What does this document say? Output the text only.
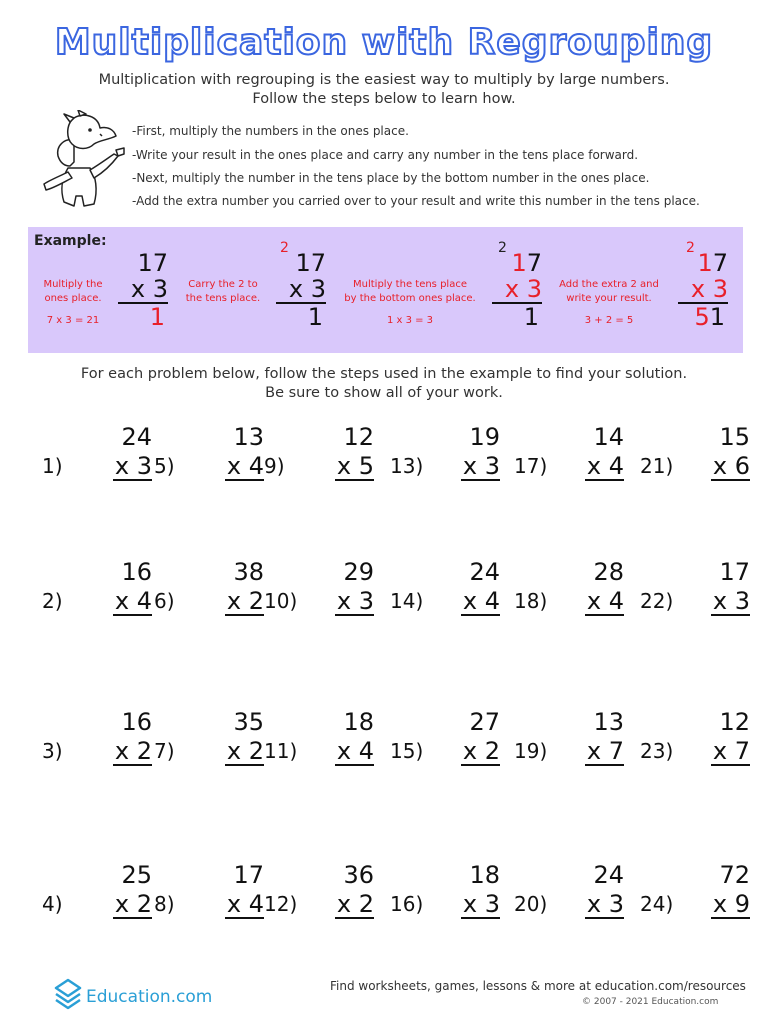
Multiplication with Regrouping
Multiplication with regrouping is the easiest way to multiply by large numbers.
Follow the steps below to learn how.
-First, multiply the numbers in the ones place.
-Write your result in the ones place and carry any number in the tens place forward.
-Next, multiply the number in the tens place by the bottom number in the ones place.
-Add the extra number you carried over to your result and write this number in the tens place.
Example:
Multiply the
ones place.
7 x 3 = 21
17
x 3
1
Carry the 2 to
the tens place.
2
17
x 3
1
Multiply the tens place
by the bottom ones place.
1 x 3 = 3
2
17
x 3
1
Add the extra 2 and
write your result.
3 + 2 = 5
2
17
x 3
51
For each problem below, follow the steps used in the example to find your solution.
Be sure to show all of your work.
24
1) x 3
16
2) x 4
16
3) x 2
25
4) x 2
13
5) x 4
38
6) x 2
35
7) x 2
17
8) x 4
12
9) x 5
29
10) x 3
18
11) x 4
36
12) x 2
19
13) x 3
24
14) x 4
27
15) x 2
18
16) x 3
14
17) x 4
28
18) x 4
13
19) x 7
24
20) x 3
15
21) x 6
17
22) x 3
12
23) x 7
72
24) x 9
Education.com
Find worksheets, games, lessons & more at education.com/resources
© 2007 - 2021 Education.com
